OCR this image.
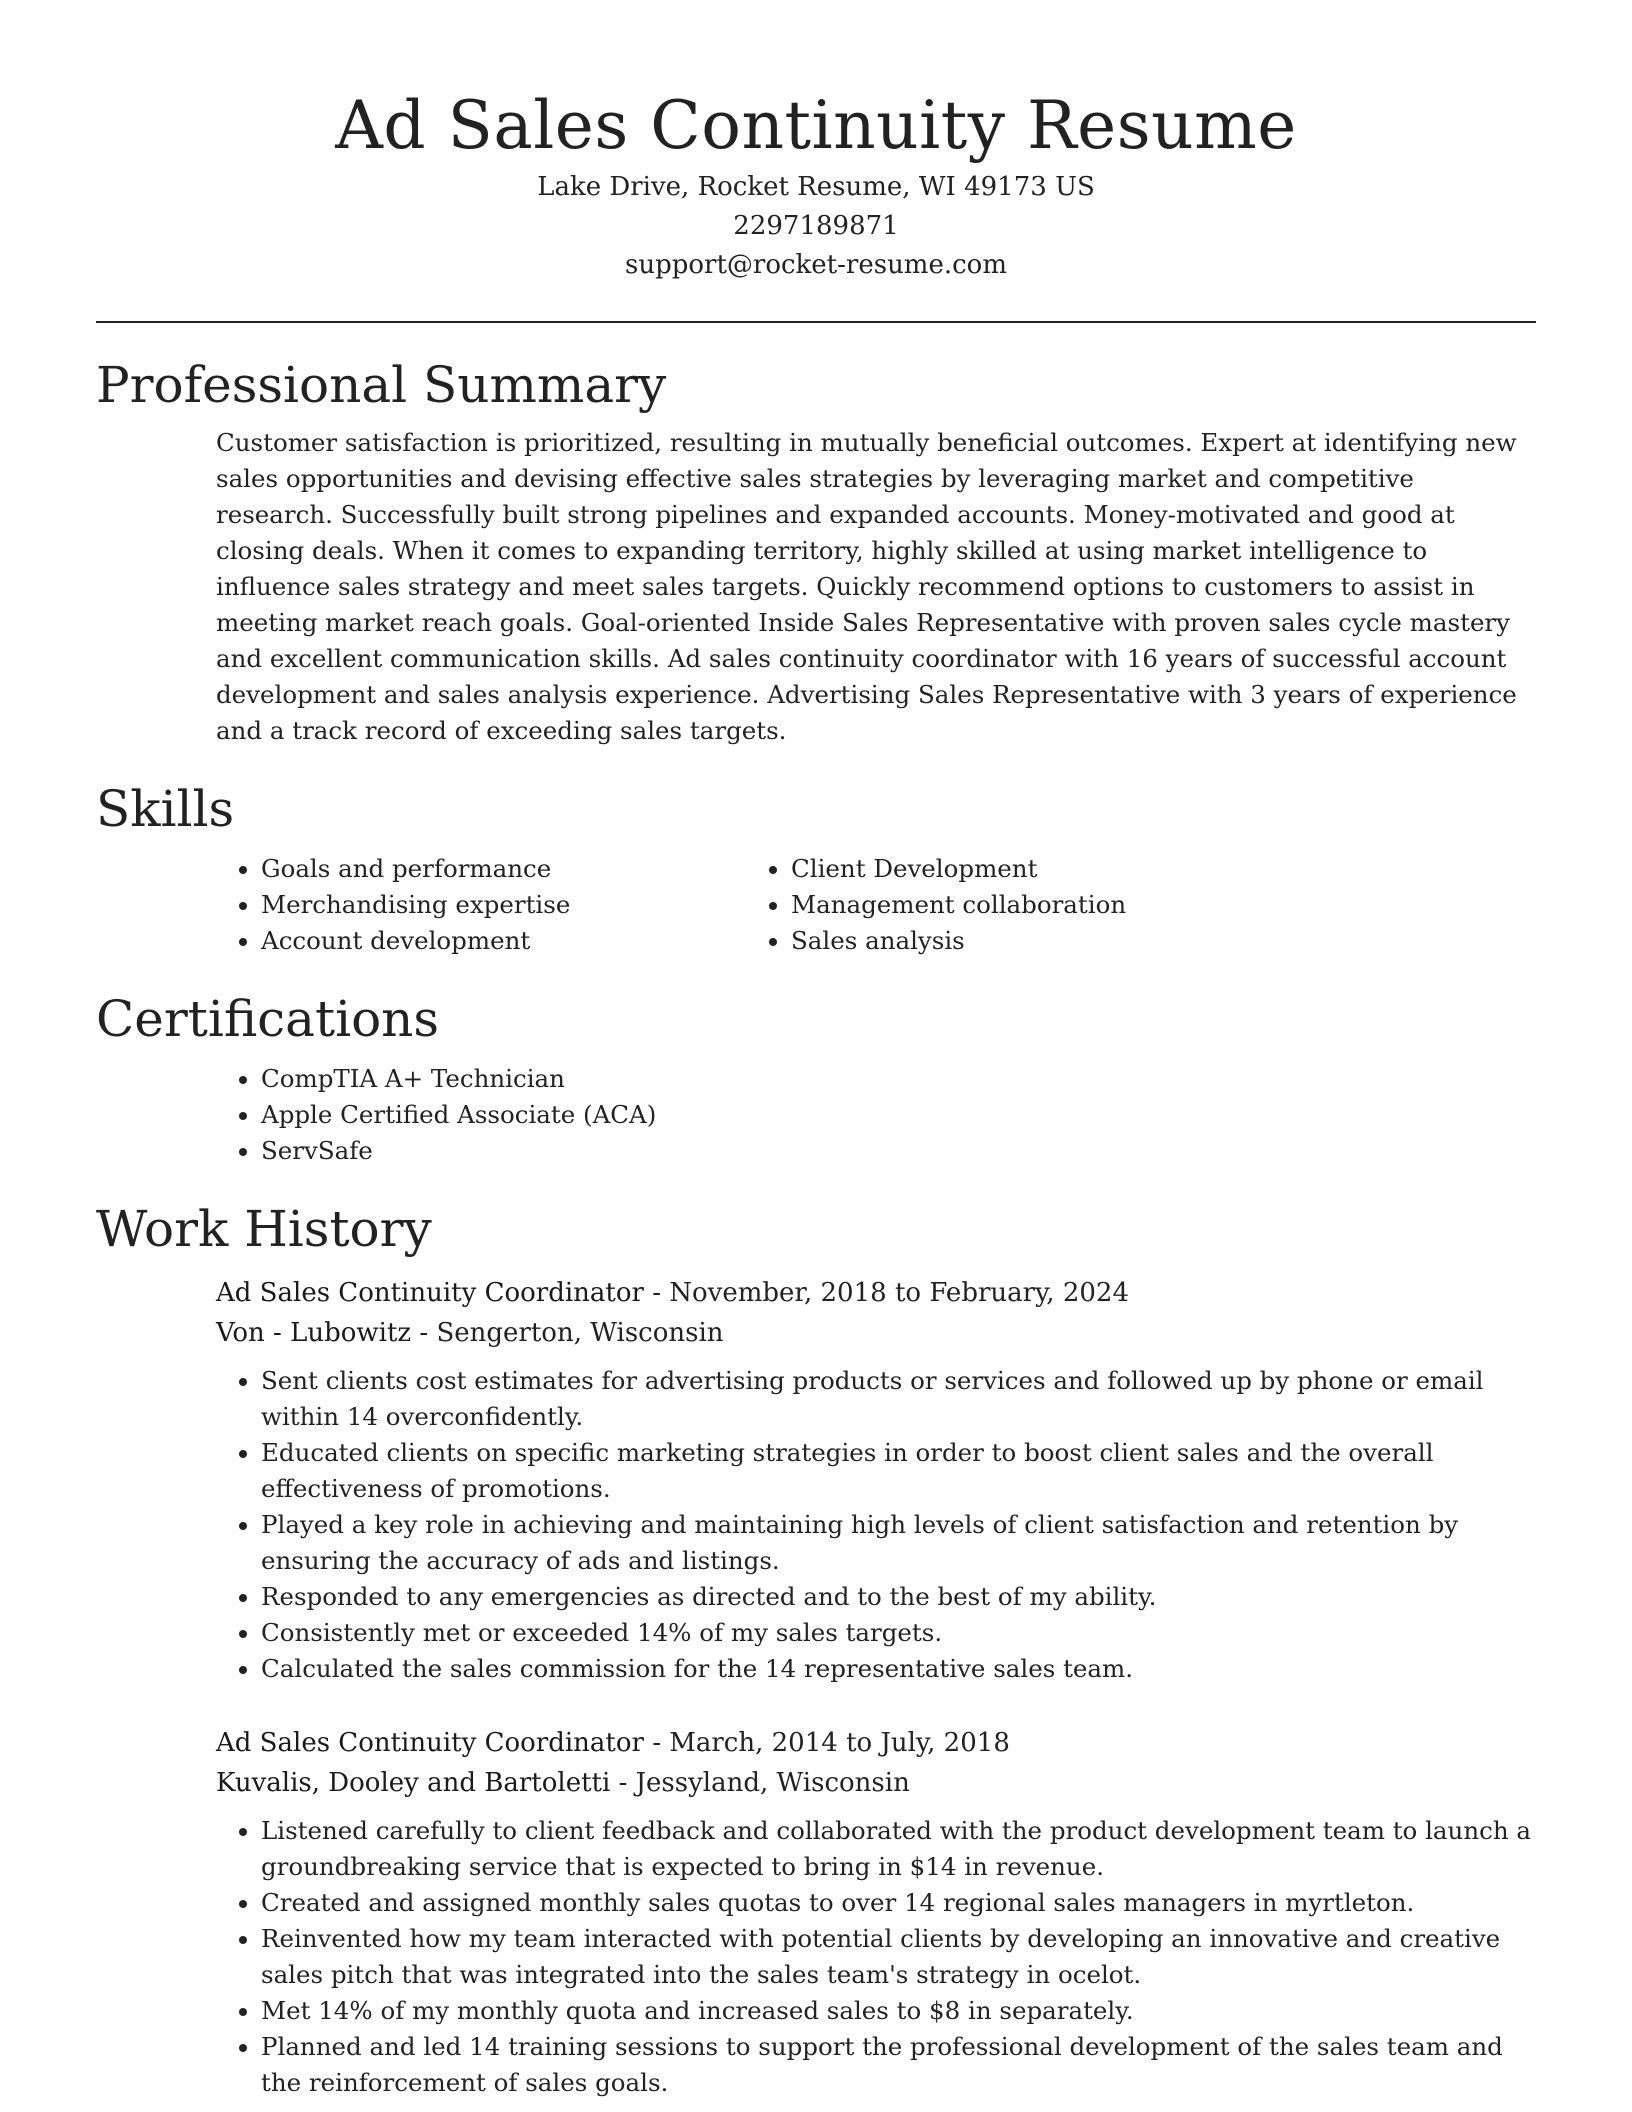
Ad Sales Continuity Resume
Lake Drive, Rocket Resume, WI 49173 US
2297189871
support@rocket-resume.com
Professional Summary

Customer satisfaction is prioritized, resulting in mutually beneficial outcomes. Expert at identifying new sales opportunities and devising effective sales strategies by leveraging market and competitive research. Successfully built strong pipelines and expanded accounts. Money-motivated and good at closing deals. When it comes to expanding territory, highly skilled at using market intelligence to influence sales strategy and meet sales targets. Quickly recommend options to customers to assist in meeting market reach goals. Goal-oriented Inside Sales Representative with proven sales cycle mastery and excellent communication skills. Ad sales continuity coordinator with 16 years of successful account development and sales analysis experience. Advertising Sales Representative with 3 years of experience and a track record of exceeding sales targets.

Skills
• Goals and performance
• Merchandising expertise
• Account development
• Client Development
• Management collaboration
• Sales analysis
Certifications
• CompTIA A+ Technician
• Apple Certified Associate (ACA)
• ServSafe
Work History
Ad Sales Continuity Coordinator - November, 2018 to February, 2024
Von - Lubowitz - Sengerton, Wisconsin
• Sent clients cost estimates for advertising products or services and followed up by phone or email within 14 overconfidently.
• Educated clients on specific marketing strategies in order to boost client sales and the overall effectiveness of promotions.
• Played a key role in achieving and maintaining high levels of client satisfaction and retention by ensuring the accuracy of ads and listings.
• Responded to any emergencies as directed and to the best of my ability.
• Consistently met or exceeded 14% of my sales targets.
• Calculated the sales commission for the 14 representative sales team.
Ad Sales Continuity Coordinator - March, 2014 to July, 2018
Kuvalis, Dooley and Bartoletti - Jessyland, Wisconsin
• Listened carefully to client feedback and collaborated with the product development team to launch a groundbreaking service that is expected to bring in $14 in revenue.
• Created and assigned monthly sales quotas to over 14 regional sales managers in myrtleton.
• Reinvented how my team interacted with potential clients by developing an innovative and creative sales pitch that was integrated into the sales team's strategy in ocelot.
• Met 14% of my monthly quota and increased sales to $8 in separately.
• Planned and led 14 training sessions to support the professional development of the sales team and the reinforcement of sales goals.
